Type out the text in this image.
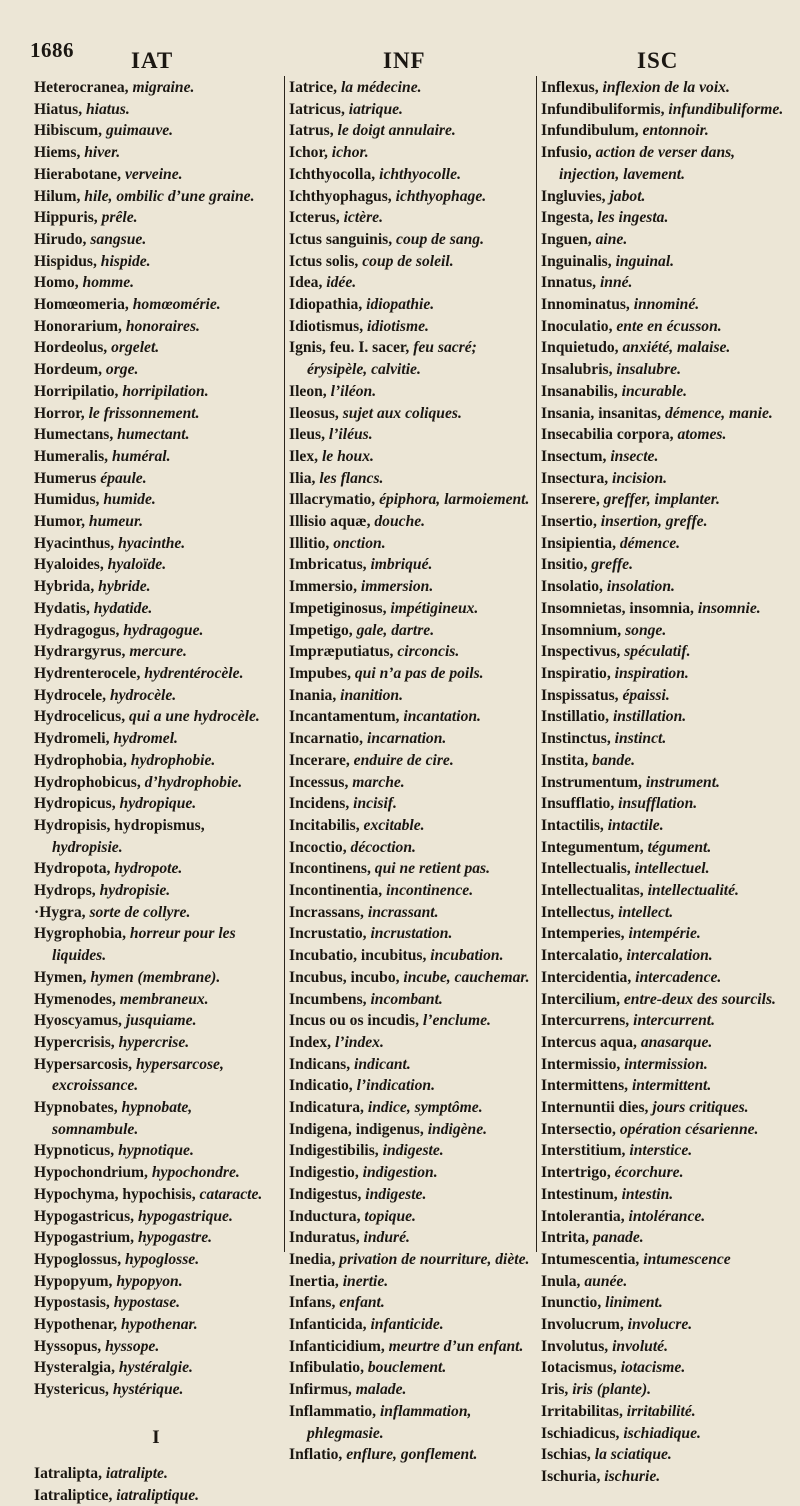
1686 IAT	INF	ISC

Heterocranea, migraine.

Hiatus, hiatus.

Hibiscum, guimauve.

Hiems, hiver.

Hierabotane, verveine.

Hilum, hile, ombilic d’une graine.

Hippuris, prêle.

Hirudo, sangsue.

Hispidus, hispide.

Homo, homme.

Homœomeria, homœomérie.

Honorarium, honoraires.

Hordeolus, orgelet.

Hordeum, orge.

Horripilatio, horripilation.

Horror, le frissonnement.

Humectans, humectant.

Humeralis, huméral.

Humerus épaule.

Humidus, humide.

Humor, humeur.

Hyacinthus, hyacinthe.

Hyaloides, hyaloïde.

Hybrida, hybride.

Hydatis, hydatide.

Hydragogus, hydragogue.

Hydrargyrus, mercure.

Hydrenterocele, hydrentérocèle.

Hydrocele, hydrocèle.

Hydrocelicus, qui a une hydrocèle.

Hydromeli, hydromel.

Hydrophobia, hydrophobie.

Hydrophobicus, d’hydrophobie.

Hydropicus, hydropique.

Hydropisis, hydropismus, hydropisie.

Hydropota, hydropote.

Hydrops, hydropisie.

·Hygra, sorte de collyre.

Hygrophobia, horreur pour les liquides.

Hymen, hymen (membrane).

Hymenodes, membraneux.

Hyoscyamus, jusquiame.

Hypercrisis, hypercrise.

Hypersarcosis, hypersarcose, excroissance.

Hypnobates, hypnobate, somnambule.

Hypnoticus, hypnotique.

Hypochondrium, hypochondre.

Hypochyma, hypochisis, cataracte.

Hypogastricus, hypogastrique.

Hypogastrium, hypogastre.

Hypoglossus, hypoglosse.

Hypopyum, hypopyon.

Hypostasis, hypostase.

Hypothenar, hypothenar.

Hyssopus, hyssope.

Hysteralgia, hystéralgie.

Hystericus, hystérique.

I

Iatralipta, iatralipte.

Iatraliptice, iatraliptique.

Iatrice, la médecine.

Iatricus, iatrique.

Iatrus, le doigt annulaire.

Ichor, ichor.

Ichthyocolla, ichthyocolle.

Ichthyophagus, ichthyophage.

Icterus, ictère.

Ictus sanguinis, coup de sang.

Ictus solis, coup de soleil.

Idea, idée.

Idiopathia, idiopathie.

Idiotismus, idiotisme.

Ignis, feu. I. sacer, feu sacré; érysipèle, calvitie.

Ileon, l’iléon.

Ileosus, sujet aux coliques.

Ileus, l’iléus.

Ilex, le houx.

Ilia, les flancs.

Illacrymatio, épiphora, larmoiement.

Illisio aquæ, douche.

Illitio, onction.

Imbricatus, imbriqué.

Immersio, immersion.

Impetiginosus, impétigineux.

Impetigo, gale, dartre.

Impræputiatus, circoncis.

Impubes, qui n’a pas de poils.

Inania, inanition.

Incantamentum, incantation.

Incarnatio, incarnation.

Incerare, enduire de cire.

Incessus, marche.

Incidens, incisif.

Incitabilis, excitable.

Incoctio, décoction.

Incontinens, qui ne retient pas.

Incontinentia, incontinence.

Incrassans, incrassant.

Incrustatio, incrustation.

Incubatio, incubitus, incubation.

Incubus, incubo, incube, cauchemar.

Incumbens, incombant.

Incus ou os incudis, l’enclume.

Index, l’index.

Indicans, indicant.

Indicatio, l’indication.

Indicatura, indice, symptôme.

Indigena, indigenus, indigène.

Indigestibilis, indigeste.

Indigestio, indigestion.

Indigestus, indigeste.

Inductura, topique.

Induratus, induré.

Inedia, privation de nourriture, diète.

Inertia, inertie.

Infans, enfant.

Infanticida, infanticide.

Infanticidium, meurtre d’un enfant.

Infibulatio, bouclement.

Infirmus, malade.

Inflammatio, inflammation, phlegmasie.

Inflatio, enflure, gonflement.

Inflexus, inflexion de la voix.

Infundibuliformis, infundibuliforme.

Infundibulum, entonnoir.

Infusio, action de verser dans, injection, lavement.

Ingluvies, jabot.

Ingesta, les ingesta.

Inguen, aine.

Inguinalis, inguinal.

Innatus, inné.

Innominatus, innominé.

Inoculatio, ente en écusson.

Inquietudo, anxiété, malaise.

Insalubris, insalubre.

Insanabilis, incurable.

Insania, insanitas, démence, manie.

Insecabilia corpora, atomes.

Insectum, insecte.

Insectura, incision.

Inserere, greffer, implanter.

Insertio, insertion, greffe.

Insipientia, démence.

Insitio, greffe.

Insolatio, insolation.

Insomnietas, insomnia, insomnie.

Insomnium, songe.

Inspectivus, spéculatif.

Inspiratio, inspiration.

Inspissatus, épaissi.

Instillatio, instillation.

Instinctus, instinct.

Instita, bande.

Instrumentum, instrument.

Insufflatio, insufflation.

Intactilis, intactile.

Integumentum, tégument.

Intellectualis, intellectuel.

Intellectualitas, intellectualité.

Intellectus, intellect.

Intemperies, intempérie.

Intercalatio, intercalation.

Intercidentia, intercadence.

Intercilium, entre-deux des sourcils.

Intercurrens, intercurrent.

Intercus aqua, anasarque.

Intermissio, intermission.

Intermittens, intermittent.

Internuntii dies, jours critiques.

Intersectio, opération césarienne.

Interstitium, interstice.

Intertrigo, écorchure.

Intestinum, intestin.

Intolerantia, intolérance.

Intrita, panade.

Intumescentia, intumescence

Inula, aunée.

Inunctio, liniment.

Involucrum, involucre.

Involutus, involuté.

Iotacismus, iotacisme.

Iris, iris (plante).

Irritabilitas, irritabilité.

Ischiadicus, ischiadique.

Ischias, la sciatique.

Ischuria, ischurie.
